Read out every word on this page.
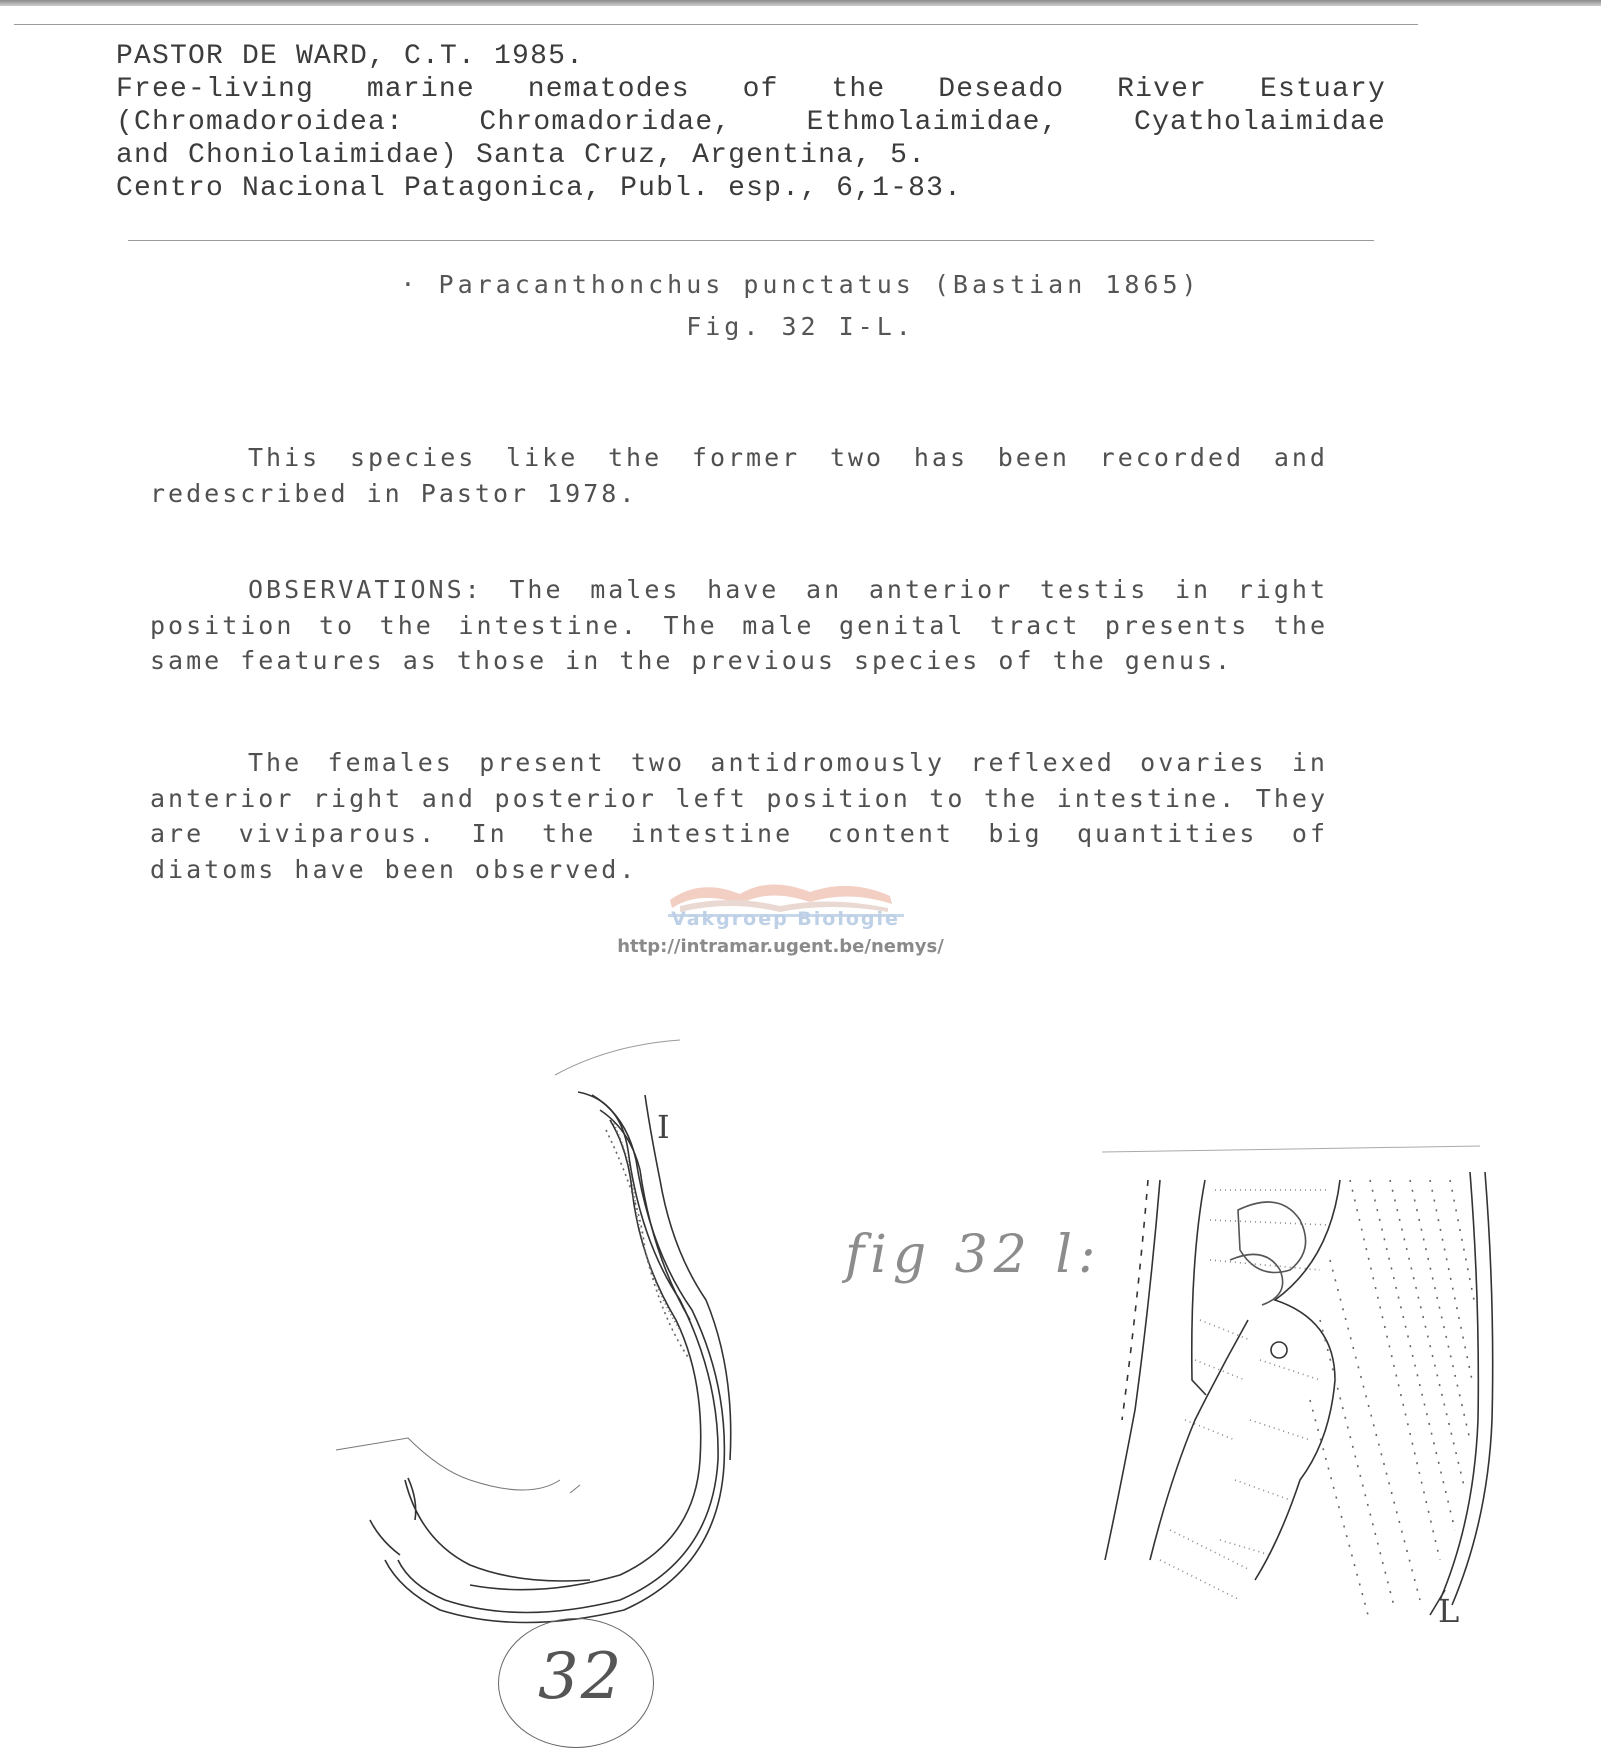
PASTOR DE WARD, C.T. 1985.
Free-living marine nematodes of the Deseado River Estuary
(Chromadoroidea: Chromadoridae, Ethmolaimidae, Cyatholaimidae
and Choniolaimidae) Santa Cruz, Argentina, 5.
Centro Nacional Patagonica, Publ. esp., 6,1-83.
· Paracanthonchus punctatus (Bastian 1865)
Fig. 32 I-L.

This species like the former two has been recorded and redescribed in Pastor 1978.

OBSERVATIONS: The males have an anterior testis in right position to the intestine. The male genital tract presents the same features as those in the previous species of the genus.

The females present two antidromously reflexed ovaries in anterior right and posterior left position to the intestine. They are viviparous. In the intestine content big quantities of diatoms have been observed.

Vakgroep Biologie
http://intramar.ugent.be/nemys/
I
L
fig 32 l:
32
